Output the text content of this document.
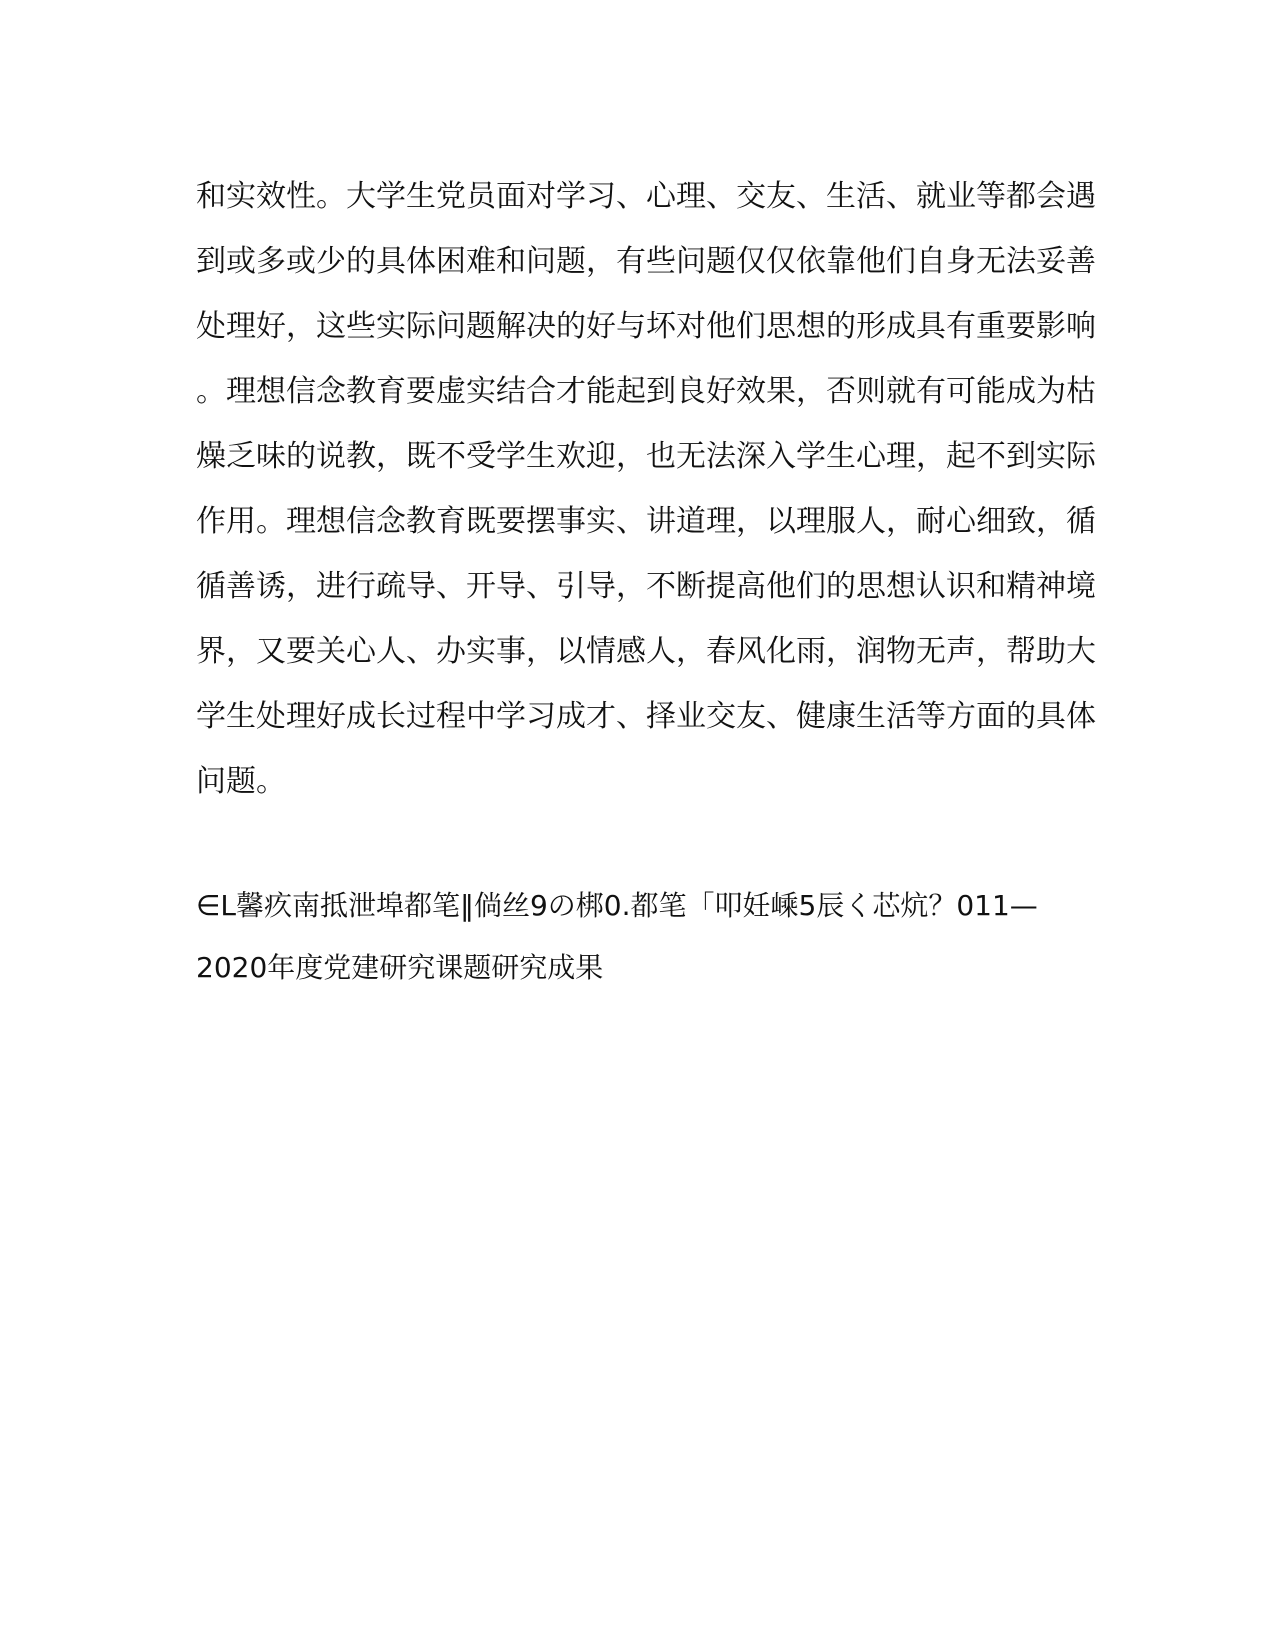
和实效性。大学生党员面对学习、心理、交友、生活、就业等都会遇
到或多或少的具体困难和问题，有些问题仅仅依靠他们自身无法妥善
处理好，这些实际问题解决的好与坏对他们思想的形成具有重要影响
。理想信念教育要虚实结合才能起到良好效果，否则就有可能成为枯
燥乏味的说教，既不受学生欢迎，也无法深入学生心理，起不到实际
作用。理想信念教育既要摆事实、讲道理，以理服人，耐心细致，循
循善诱，进行疏导、开导、引导，不断提高他们的思想认识和精神境
界，又要关心人、办实事，以情感人，春风化雨，润物无声，帮助大
学生处理好成长过程中学习成才、择业交友、健康生活等方面的具体
问题。
∈L馨疚南抵泄埠都笔‖倘丝9の梆0.都笔「叩妊嵊5辰く芯炕？011—
2020年度党建研究课题研究成果
